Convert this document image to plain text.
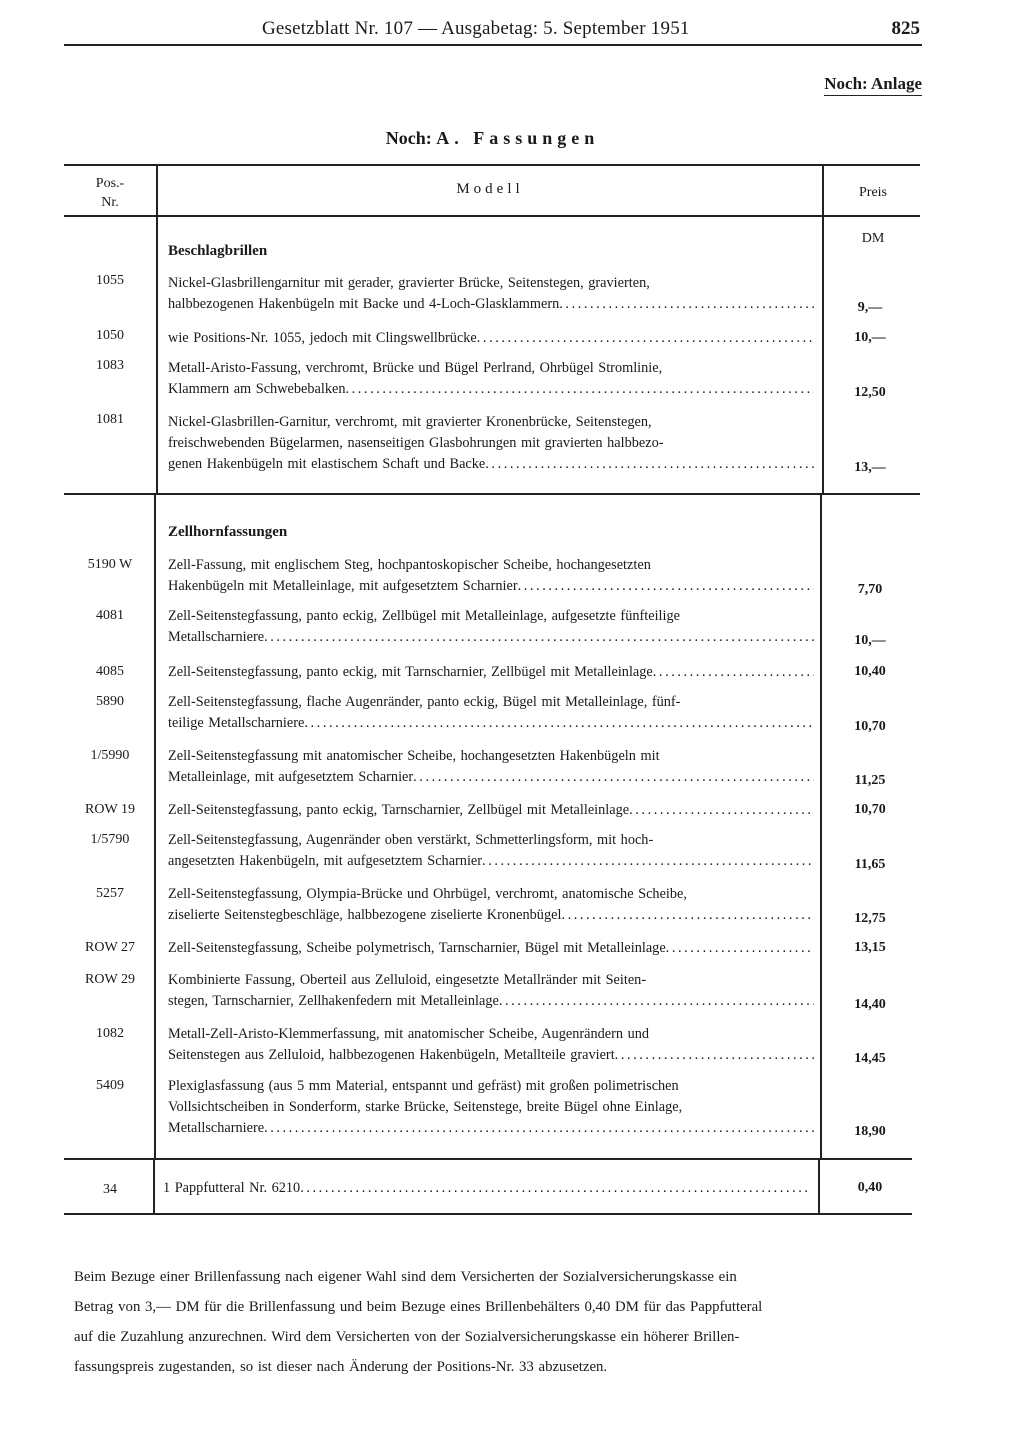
Gesetzblatt Nr. 107 — Ausgabetag: 5. September 1951	825
Noch: Anlage
Noch: A. Fassungen
Pos.-
Nr.
Modell	Preis
DM
Beschlagbrillen
Zellhornfassungen
1055	Nickel-Glasbrillengarnitur mit gerader, gravierter Brücke, Seitenstegen, gravierten,
halbbezogenen Hakenbügeln mit Backe und 4-Loch-Glasklammern . . .	9,—
1050	wie Positions-Nr. 1055, jedoch mit Clingswellbrücke . . .	10,—
1083	Metall-Aristo-Fassung, verchromt, Brücke und Bügel Perlrand, Ohrbügel Stromlinie,
Klammern am Schwebebalken . . .	12,50
1081	Nickel-Glasbrillen-Garnitur, verchromt, mit gravierter Kronenbrücke, Seitenstegen,
freischwebenden Bügelarmen, nasenseitigen Glasbohrungen mit gravierten halbbezo-
genen Hakenbügeln mit elastischem Schaft und Backe . . .	13,—
5190 W	Zell-Fassung, mit englischem Steg, hochpantoskopischer Scheibe, hochangesetzten
Hakenbügeln mit Metalleinlage, mit aufgesetztem Scharnier . . .	7,70
4081	Zell-Seitenstegfassung, panto eckig, Zellbügel mit Metalleinlage, aufgesetzte fünfteilige
Metallscharniere . . .	10,—
4085	Zell-Seitenstegfassung, panto eckig, mit Tarnscharnier, Zellbügel mit Metalleinlage . . .	10,40
5890	Zell-Seitenstegfassung, flache Augenränder, panto eckig, Bügel mit Metalleinlage, fünf-
teilige Metallscharniere . . .	10,70
1/5990	Zell-Seitenstegfassung mit anatomischer Scheibe, hochangesetzten Hakenbügeln mit
Metalleinlage, mit aufgesetztem Scharnier . . .	11,25
ROW 19	Zell-Seitenstegfassung, panto eckig, Tarnscharnier, Zellbügel mit Metalleinlage . . .	10,70
1/5790	Zell-Seitenstegfassung, Augenränder oben verstärkt, Schmetterlingsform, mit hoch-
angesetzten Hakenbügeln, mit aufgesetztem Scharnier . . .	11,65
5257	Zell-Seitenstegfassung, Olympia-Brücke und Ohrbügel, verchromt, anatomische Scheibe,
ziselierte Seitenstegbeschläge, halbbezogene ziselierte Kronenbügel . . .	12,75
ROW 27	Zell-Seitenstegfassung, Scheibe polymetrisch, Tarnscharnier, Bügel mit Metalleinlage . . .	13,15
ROW 29	Kombinierte Fassung, Oberteil aus Zelluloid, eingesetzte Metallränder mit Seiten-
stegen, Tarnscharnier, Zellhakenfedern mit Metalleinlage . . .	14,40
1082	Metall-Zell-Aristo-Klemmerfassung, mit anatomischer Scheibe, Augenrändern und
Seitenstegen aus Zelluloid, halbbezogenen Hakenbügeln, Metallteile graviert . . .	14,45
5409	Plexiglasfassung (aus 5 mm Material, entspannt und gefräst) mit großen polimetrischen
Vollsichtscheiben in Sonderform, starke Brücke, Seitenstege, breite Bügel ohne Einlage,
Metallscharniere . . .	18,90
34	1 Pappfutteral Nr. 6210 . . .	0,40
Beim Bezuge einer Brillenfassung nach eigener Wahl sind dem Versicherten der Sozialversicherungskasse ein
Betrag von 3,— DM für die Brillenfassung und beim Bezuge eines Brillenbehälters 0,40 DM für das Pappfutteral
auf die Zuzahlung anzurechnen. Wird dem Versicherten von der Sozialversicherungskasse ein höherer Brillen-
fassungspreis zugestanden, so ist dieser nach Änderung der Positions-Nr. 33 abzusetzen.
